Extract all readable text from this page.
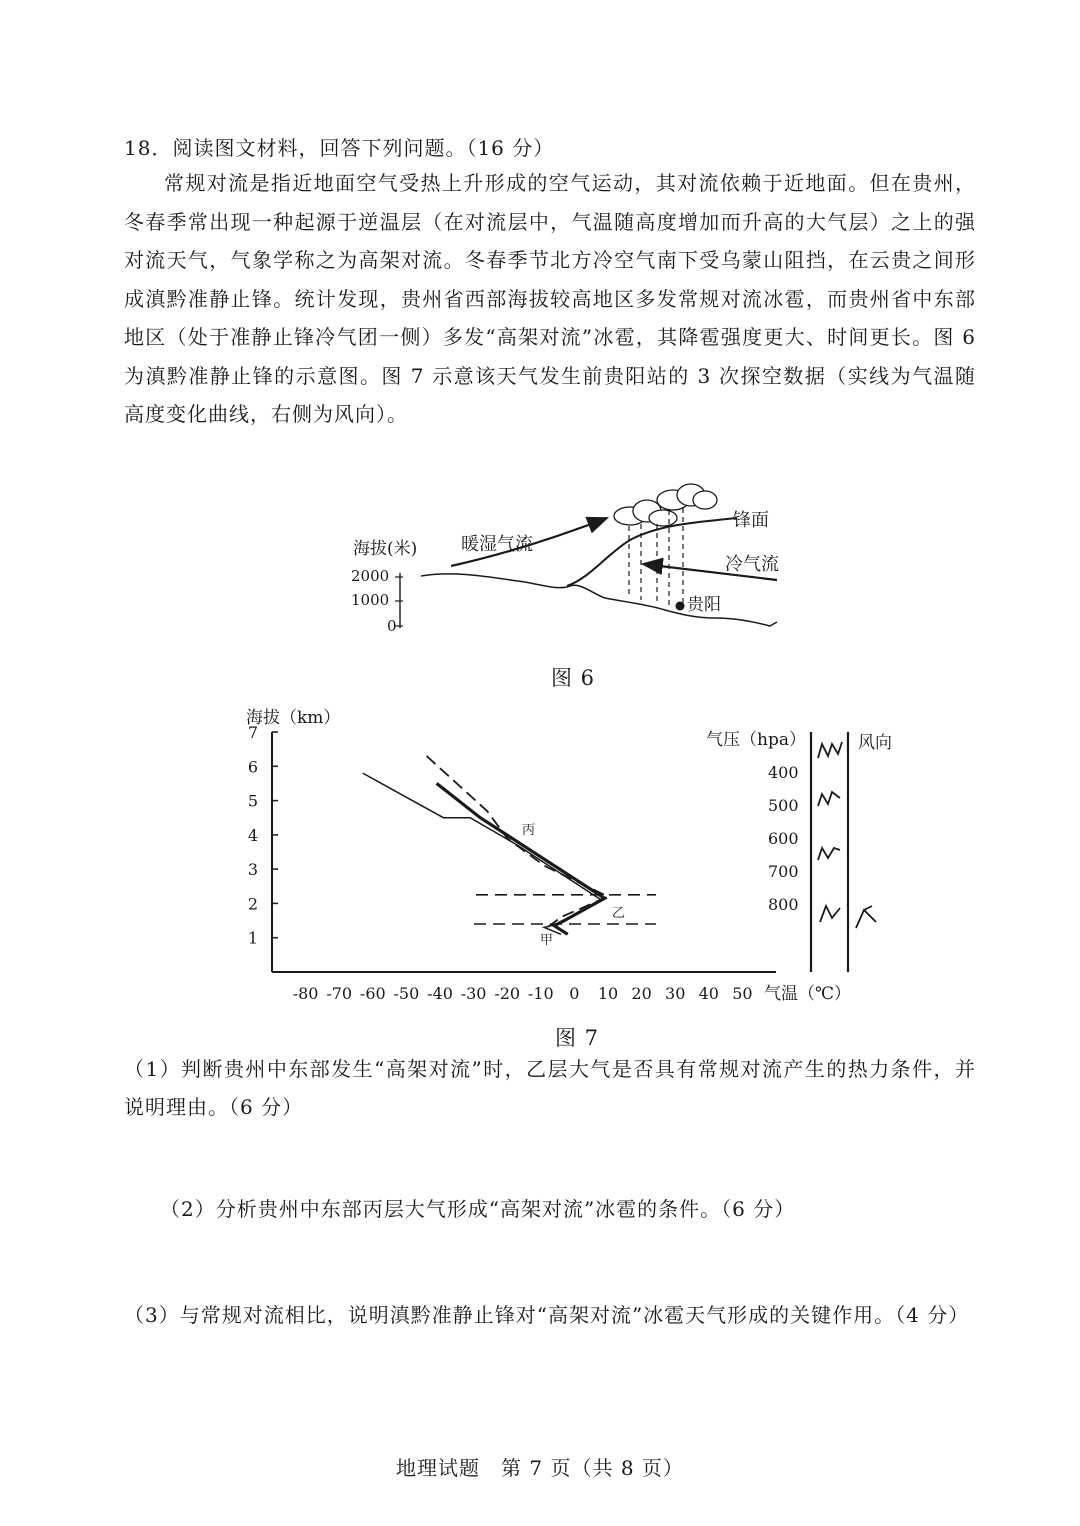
18．阅读图文材料，回答下列问题。（16 分）
常规对流是指近地面空气受热上升形成的空气运动，其对流依赖于近地面。但在贵州，冬春季常出现一种起源于逆温层（在对流层中，气温随高度增加而升高的大气层）之上的强对流天气，气象学称之为高架对流。冬春季节北方冷空气南下受乌蒙山阻挡，在云贵之间形成滇黔准静止锋。统计发现，贵州省西部海拔较高地区多发常规对流冰雹，而贵州省中东部地区（处于准静止锋冷气团一侧）多发“高架对流”冰雹，其降雹强度更大、时间更长。图 6 为滇黔准静止锋的示意图。图 7 示意该天气发生前贵阳站的 3 次探空数据（实线为气温随高度变化曲线，右侧为风向）。
海拔(米)
2000
1000
0
暖湿气流
冷气流
锋面
贵阳
图 6
-80 -70 -60 -50 -40 -30 -20 -10 0 10 20 30 40 50
1
2
3
4
5
6
7
海拔（km）
气温（℃）
甲
乙
丙
气压（hpa）
400
500
600
700
800
风向
图 7
（1）判断贵州中东部发生“高架对流”时，乙层大气是否具有常规对流产生的热力条件，并说明理由。（6 分）
（2）分析贵州中东部丙层大气形成“高架对流”冰雹的条件。（6 分）
（3）与常规对流相比，说明滇黔准静止锋对“高架对流”冰雹天气形成的关键作用。（4 分）
地理试题　第 7 页（共 8 页）
